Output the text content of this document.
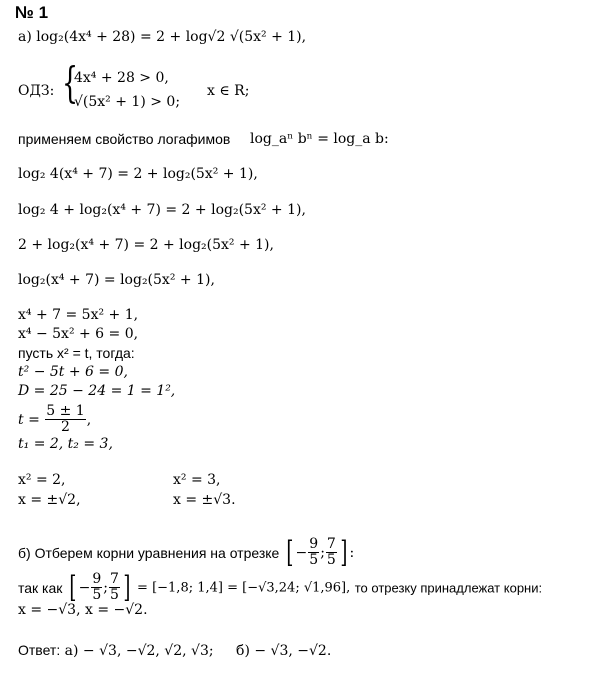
№ 1
а) log₂(4x⁴ + 28) = 2 + log√2 √(5x² + 1),
ОДЗ: {
4x⁴ + 28 > 0,
√(5x² + 1) > 0;
x ∈ R;
применяем свойство логафимов log_aⁿ bⁿ = log_a b:
log₂ 4(x⁴ + 7) = 2 + log₂(5x² + 1),
log₂ 4 + log₂(x⁴ + 7) = 2 + log₂(5x² + 1),
2 + log₂(x⁴ + 7) = 2 + log₂(5x² + 1),
log₂(x⁴ + 7) = log₂(5x² + 1),
x⁴ + 7 = 5x² + 1,
x⁴ − 5x² + 6 = 0,
пусть x² = t, тогда:
t² − 5t + 6 = 0,
D = 25 − 24 = 1 = 1²,
$t = \frac{5 \pm 1}{2}$ ,
t₁ = 2, t₂ = 3,
x² = 2,
x = ±√2,
x² = 3,
x = ±√3.
б) Отберем корни уравнения на отрезке [ − $\frac{9}{5}$ ; $\frac{7}{5}$ ] :
так как [ − $\frac{9}{5}$ ; $\frac{7}{5}$ ] = [−1,8; 1,4] = [−√3,24; √1,96], то отрезку принадлежат корни:
x = −√3, x = −√2.
Ответ: а) − √3, −√2, √2, √3; б) − √3, −√2.
